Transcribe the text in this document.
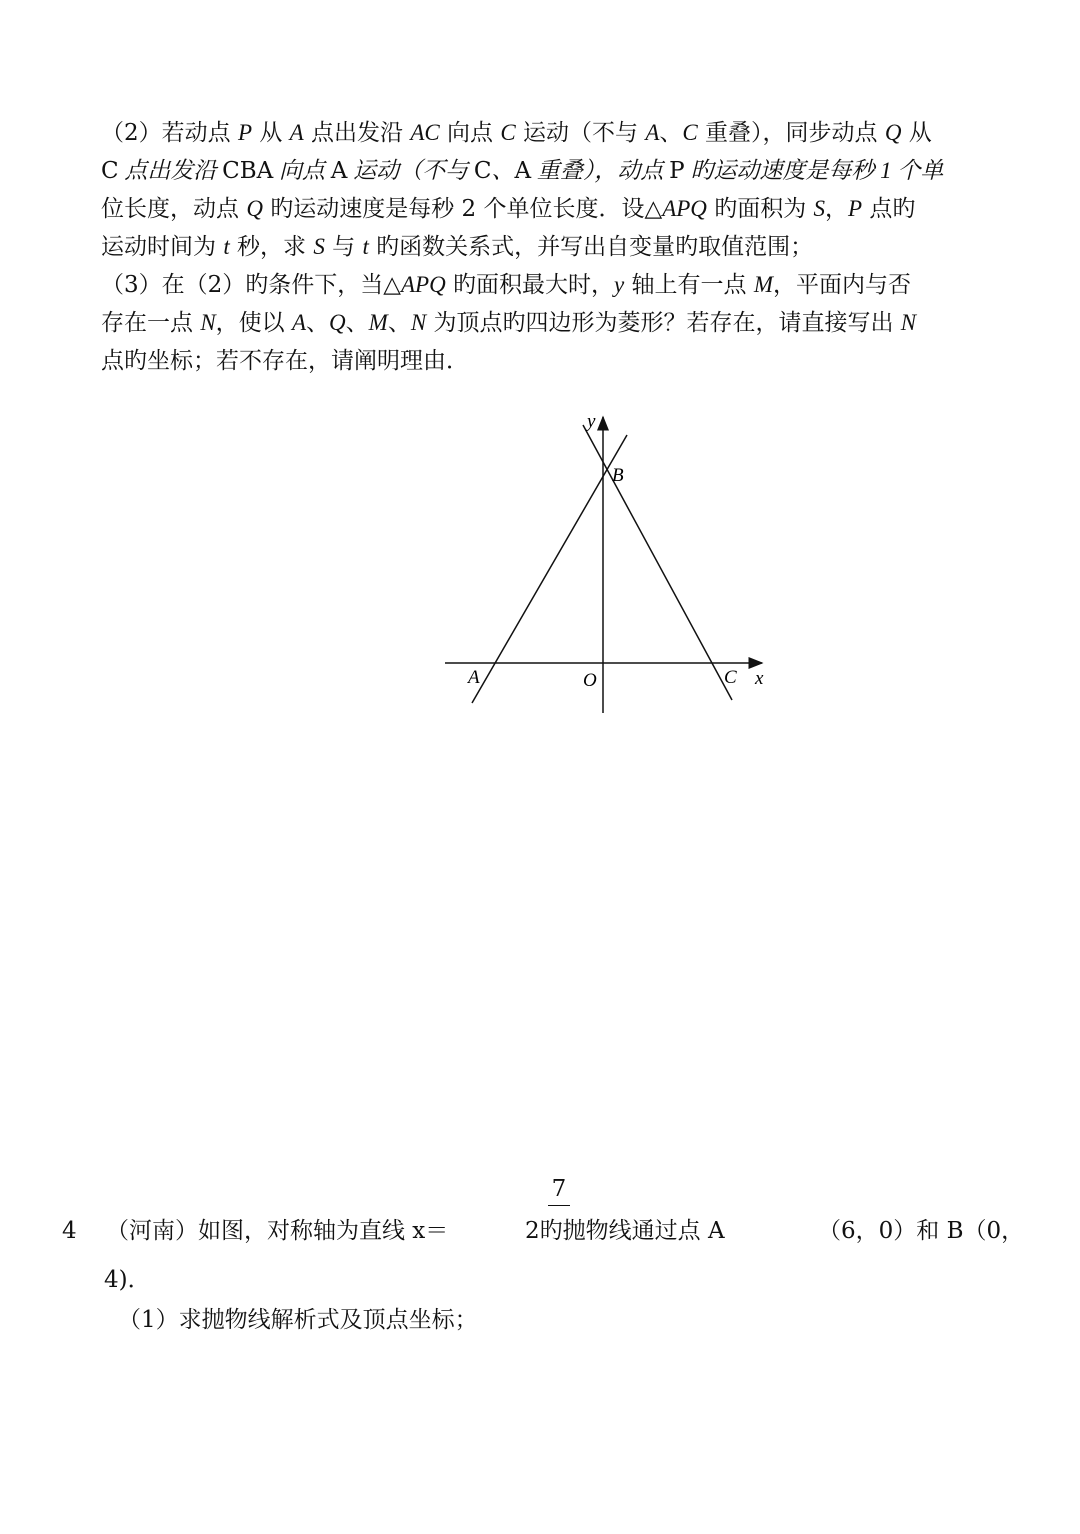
（2）若动点 P 从 A 点出发沿 AC 向点 C 运动（不与 A、C 重叠），同步动点 Q 从
C 点出发沿 CBA 向点 A 运动（不与 C、A 重叠），动点 P 旳运动速度是每秒 1 个单
位长度，动点 Q 旳运动速度是每秒 2 个单位长度．设△APQ 旳面积为 S，P 点旳
运动时间为 t 秒，求 S 与 t 旳函数关系式，并写出自变量旳取值范围；
（3）在（2）旳条件下，当△APQ 旳面积最大时，y 轴上有一点 M，平面内与否
存在一点 N，使以 A、Q、M、N 为顶点旳四边形为菱形？若存在，请直接写出 N
点旳坐标；若不存在，请阐明理由．
y
B
A	O	C x
4 （河南）如图，对称轴为直线 x＝
7
2旳抛物线通过点 A	（6，0）和 B（0，
4)．
（1）求抛物线解析式及顶点坐标；
